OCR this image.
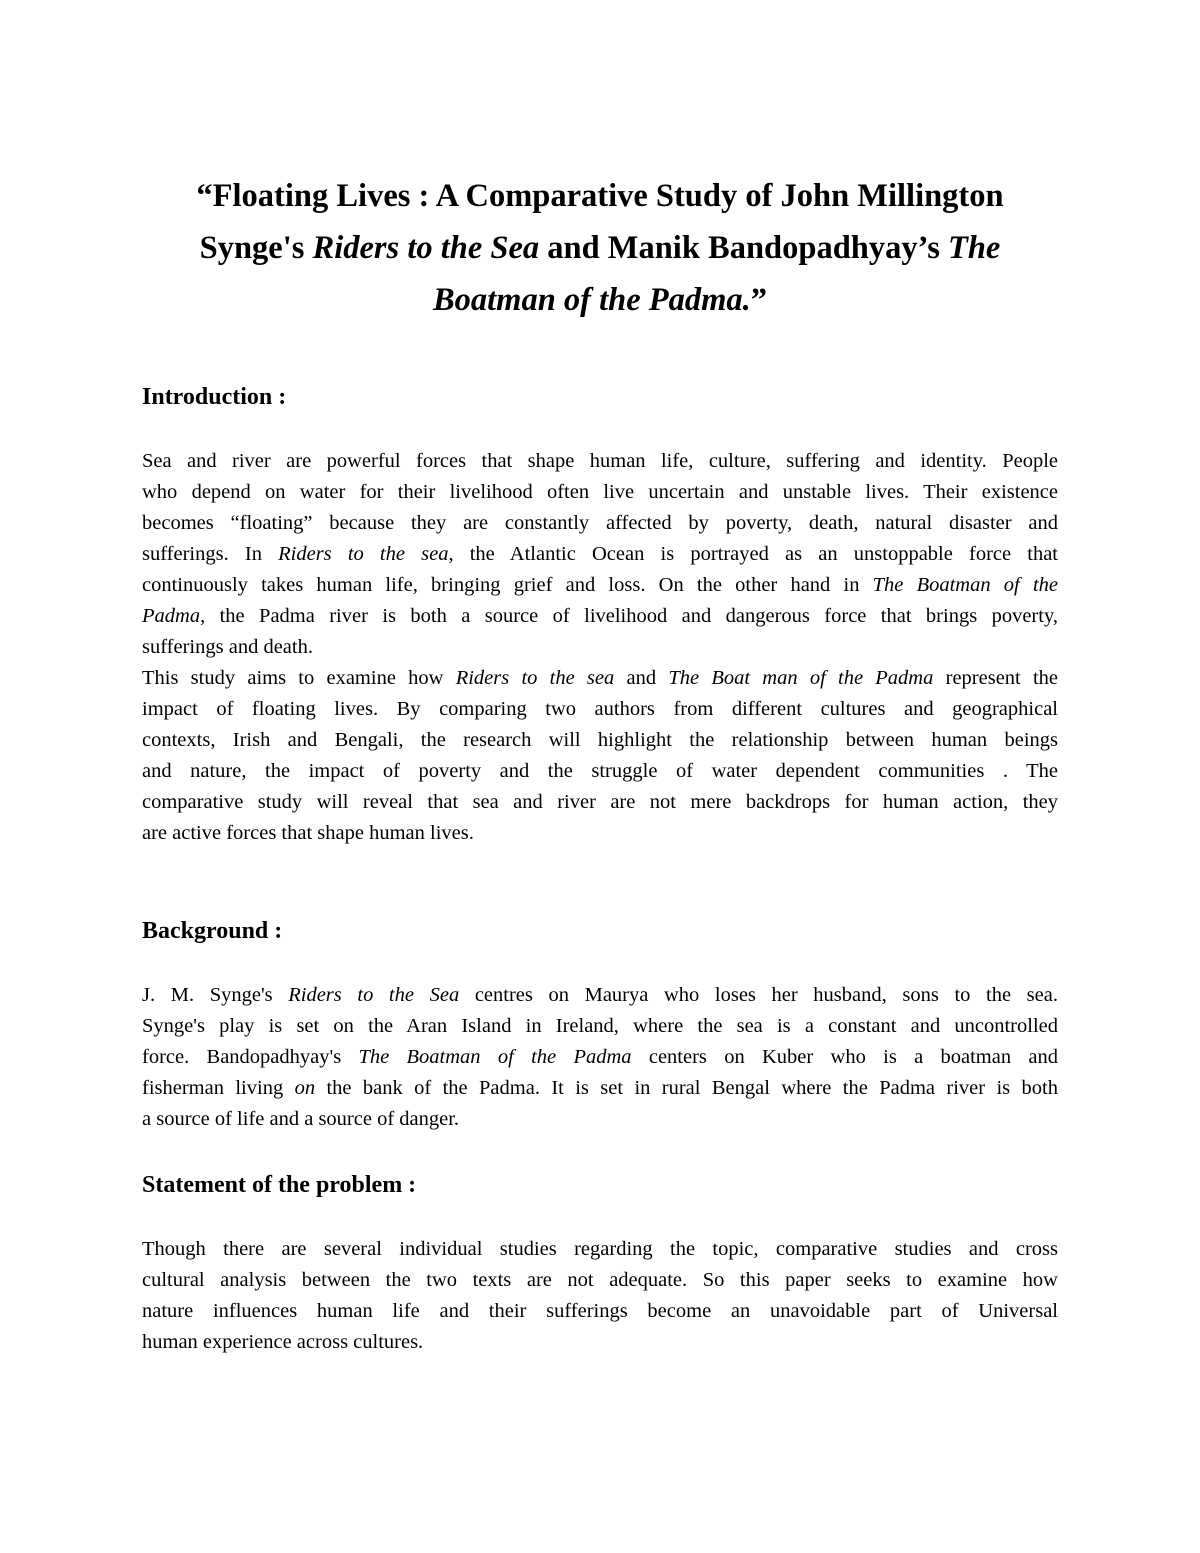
“Floating Lives : A Comparative Study of John Millington
Synge's Riders to the Sea and Manik Bandopadhyay’s The
Boatman of the Padma.”
Introduction :
Sea and river are powerful forces that shape human life, culture, suffering and identity. People
who depend on water for their livelihood often live uncertain and unstable lives. Their existence
becomes “floating” because they are constantly affected by poverty, death, natural disaster and
sufferings. In Riders to the sea, the Atlantic Ocean is portrayed as an unstoppable force that
continuously takes human life, bringing grief and loss. On the other hand in The Boatman of the
Padma, the Padma river is both a source of livelihood and dangerous force that brings poverty,
sufferings and death.
This study aims to examine how Riders to the sea and The Boat man of the Padma represent the
impact of floating lives. By comparing two authors from different cultures and geographical
contexts, Irish and Bengali, the research will highlight the relationship between human beings
and nature, the impact of poverty and the struggle of water dependent communities . The
comparative study will reveal that sea and river are not mere backdrops for human action, they
are active forces that shape human lives.
Background :
J. M. Synge's Riders to the Sea centres on Maurya who loses her husband, sons to the sea.
Synge's play is set on the Aran Island in Ireland, where the sea is a constant and uncontrolled
force. Bandopadhyay's The Boatman of the Padma centers on Kuber who is a boatman and
fisherman living on the bank of the Padma. It is set in rural Bengal where the Padma river is both
a source of life and a source of danger.
Statement of the problem :
Though there are several individual studies regarding the topic, comparative studies and cross
cultural analysis between the two texts are not adequate. So this paper seeks to examine how
nature influences human life and their sufferings become an unavoidable part of Universal
human experience across cultures.
